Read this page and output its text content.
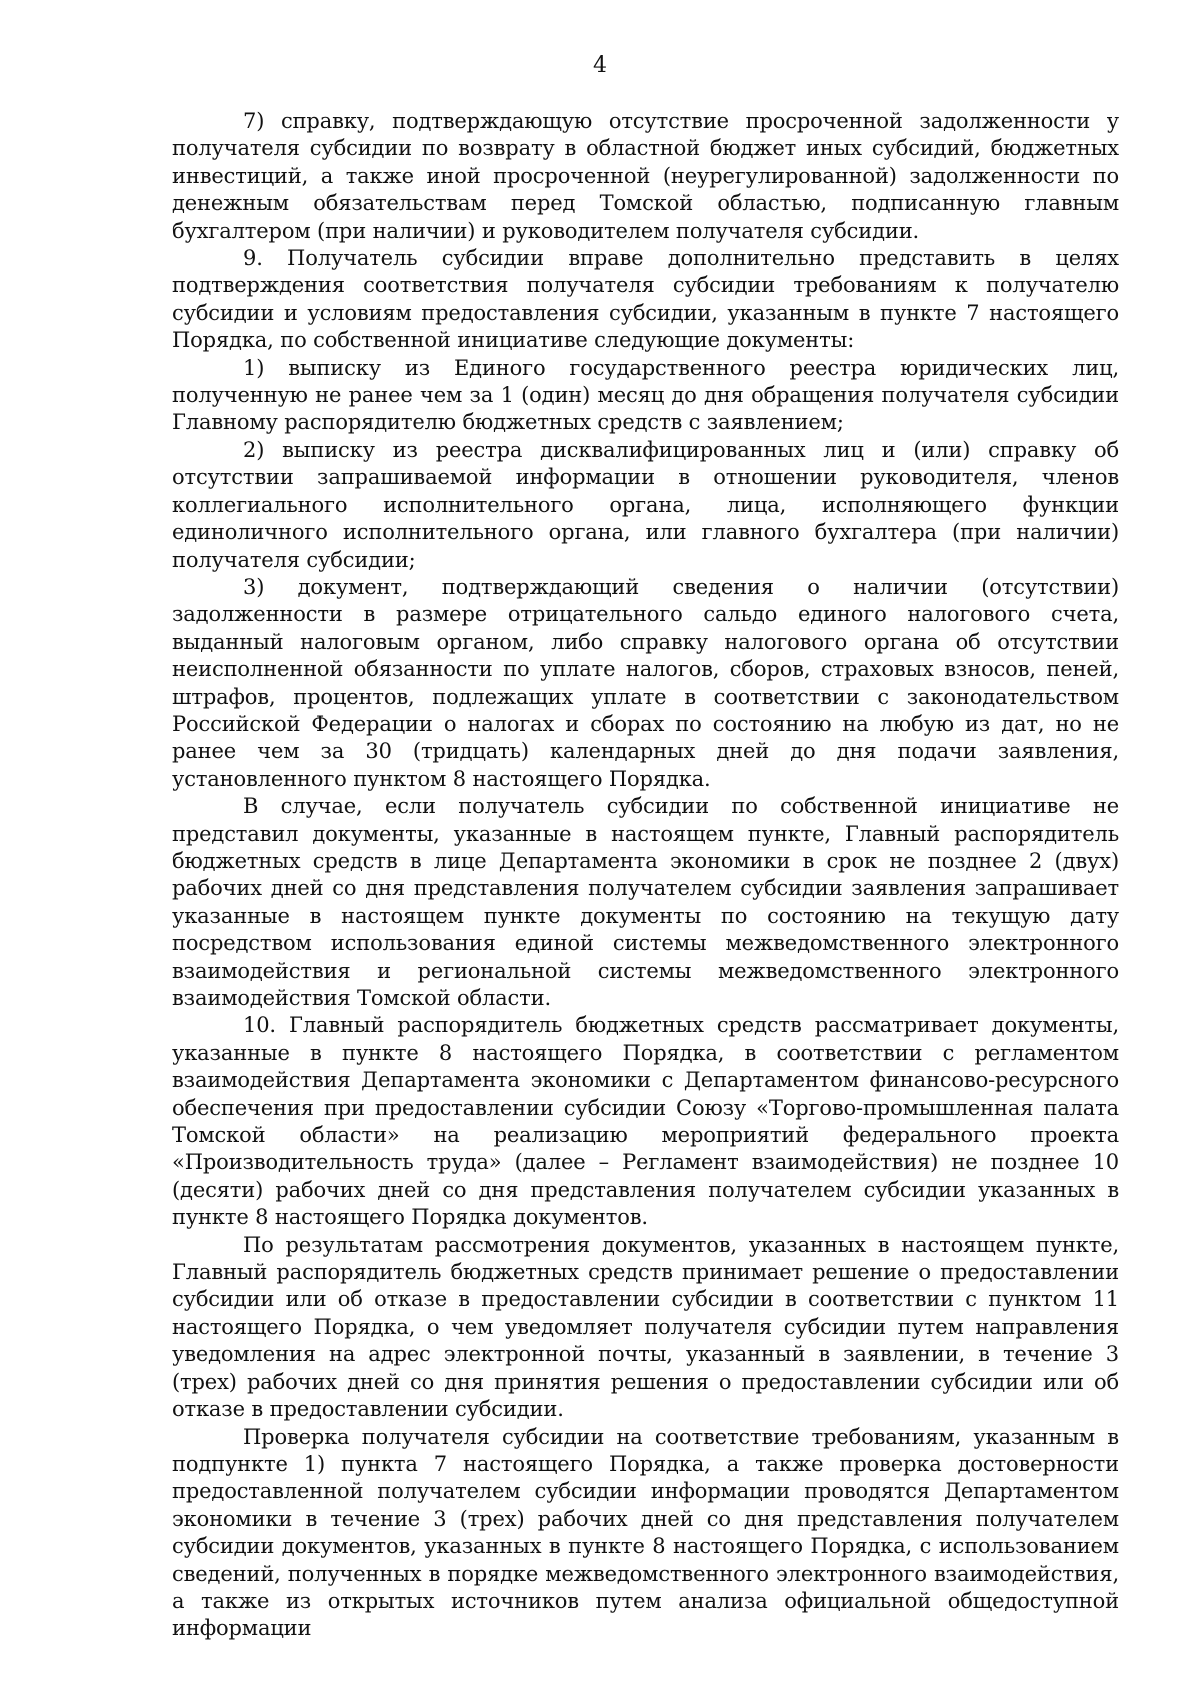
4

7) справку, подтверждающую отсутствие просроченной задолженности у получателя субсидии по возврату в областной бюджет иных субсидий, бюджетных инвестиций, а также иной просроченной (неурегулированной) задолженности по денежным обязательствам перед Томской областью, подписанную главным бухгалтером (при наличии) и руководителем получателя субсидии.

9. Получатель субсидии вправе дополнительно представить в целях подтверждения соответствия получателя субсидии требованиям к получателю субсидии и условиям предоставления субсидии, указанным в пункте 7 настоящего Порядка, по собственной инициативе следующие документы:

1) выписку из Единого государственного реестра юридических лиц, полученную не ранее чем за 1 (один) месяц до дня обращения получателя субсидии Главному распорядителю бюджетных средств с заявлением;

2) выписку из реестра дисквалифицированных лиц и (или) справку об отсутствии запрашиваемой информации в отношении руководителя, членов коллегиального исполнительного органа, лица, исполняющего функции единоличного исполнительного органа, или главного бухгалтера (при наличии) получателя субсидии;

3) документ, подтверждающий сведения о наличии (отсутствии) задолженности в размере отрицательного сальдо единого налогового счета, выданный налоговым органом, либо справку налогового органа об отсутствии неисполненной обязанности по уплате налогов, сборов, страховых взносов, пеней, штрафов, процентов, подлежащих уплате в соответствии с законодательством Российской Федерации о налогах и сборах по состоянию на любую из дат, но не ранее чем за 30 (тридцать) календарных дней до дня подачи заявления, установленного пунктом 8 настоящего Порядка.

В случае, если получатель субсидии по собственной инициативе не представил документы, указанные в настоящем пункте, Главный распорядитель бюджетных средств в лице Департамента экономики в срок не позднее 2 (двух) рабочих дней со дня представления получателем субсидии заявления запрашивает указанные в настоящем пункте документы по состоянию на текущую дату посредством использования единой системы межведомственного электронного взаимодействия и региональной системы межведомственного электронного взаимодействия Томской области.

10. Главный распорядитель бюджетных средств рассматривает документы, указанные в пункте 8 настоящего Порядка, в соответствии с регламентом взаимодействия Департамента экономики с Департаментом финансово-ресурсного обеспечения при предоставлении субсидии Союзу «Торгово-промышленная палата Томской области» на реализацию мероприятий федерального проекта «Производительность труда» (далее – Регламент взаимодействия) не позднее 10 (десяти) рабочих дней со дня представления получателем субсидии указанных в пункте 8 настоящего Порядка документов.

По результатам рассмотрения документов, указанных в настоящем пункте, Главный распорядитель бюджетных средств принимает решение о предоставлении субсидии или об отказе в предоставлении субсидии в соответствии с пунктом 11 настоящего Порядка, о чем уведомляет получателя субсидии путем направления уведомления на адрес электронной почты, указанный в заявлении, в течение 3 (трех) рабочих дней со дня принятия решения о предоставлении субсидии или об отказе в предоставлении субсидии.

Проверка получателя субсидии на соответствие требованиям, указанным в подпункте 1) пункта 7 настоящего Порядка, а также проверка достоверности предоставленной получателем субсидии информации проводятся Департаментом экономики в течение 3 (трех) рабочих дней со дня представления получателем субсидии документов, указанных в пункте 8 настоящего Порядка, с использованием сведений, полученных в порядке межведомственного электронного взаимодействия, а также из открытых источников путем анализа официальной общедоступной информации
